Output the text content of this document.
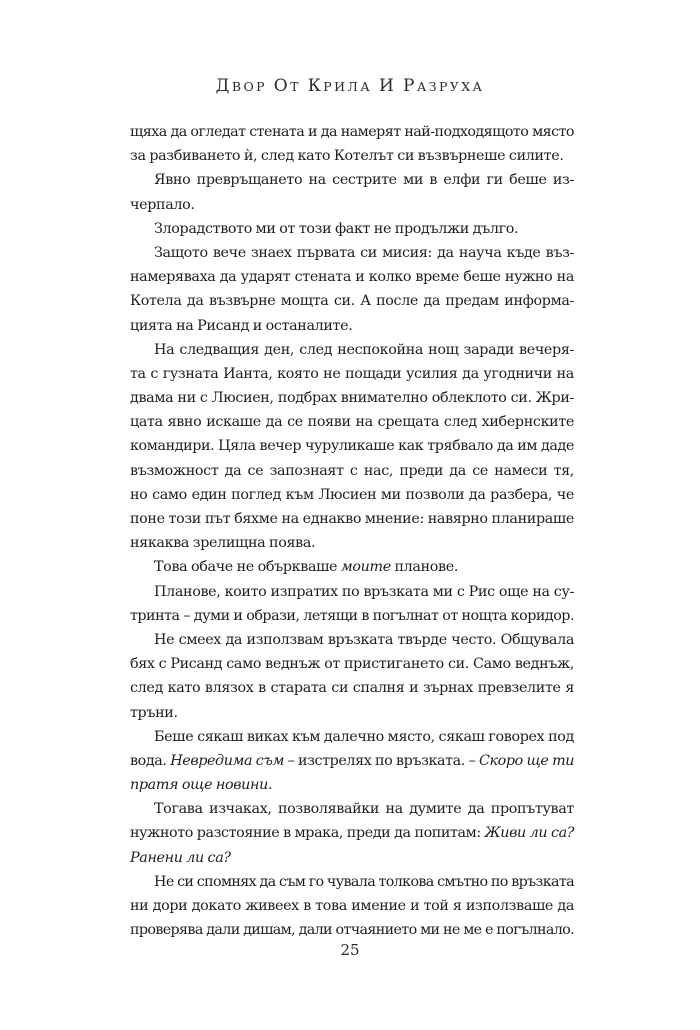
ДВОР ОТ КРИЛА И РАЗРУХА
щяха да огледат стената и да намерят най-подходящото място
за разбиването ѝ, след като Котелът си възвърнеше силите.
Явно превръщането на сестрите ми в елфи ги беше из-
черпало.
Злорадството ми от този факт не продължи дълго.
Защото вече знаех първата си мисия: да науча къде въз-
намеряваха да ударят стената и колко време беше нужно на
Котела да възвърне мощта си. А после да предам информа-
цията на Рисанд и останалите.
На следващия ден, след неспокойна нощ заради вечеря-
та с гузната Ианта, която не пощади усилия да угодничи на
двама ни с Люсиен, подбрах внимателно облеклото си. Жри-
цата явно искаше да се появи на срещата след хибернските
командири. Цяла вечер чуруликаше как трябвало да им даде
възможност да се запознаят с нас, преди да се намеси тя,
но само един поглед към Люсиен ми позволи да разбера, че
поне този път бяхме на еднакво мнение: навярно планираше
някаква зрелищна поява.
Това обаче не объркваше моите планове.
Планове, които изпратих по връзката ми с Рис още на су-
тринта – думи и образи, летящи в погълнат от нощта коридор.
Не смеех да използвам връзката твърде често. Общувала
бях с Рисанд само веднъж от пристигането си. Само веднъж,
след като влязох в старата си спалня и зърнах превзелите я
тръни.
Беше сякаш виках към далечно място, сякаш говорех под
вода. Невредима съм – изстрелях по връзката. – Скоро ще ти
пратя още новини.
Тогава изчаках, позволявайки на думите да пропътуват
нужното разстояние в мрака, преди да попитам: Живи ли са?
Ранени ли са?
Не си спомнях да съм го чувала толкова смътно по връзката
ни дори докато живеех в това имение и той я използваше да
проверява дали дишам, дали отчаянието ми не ме е погълнало.
25
